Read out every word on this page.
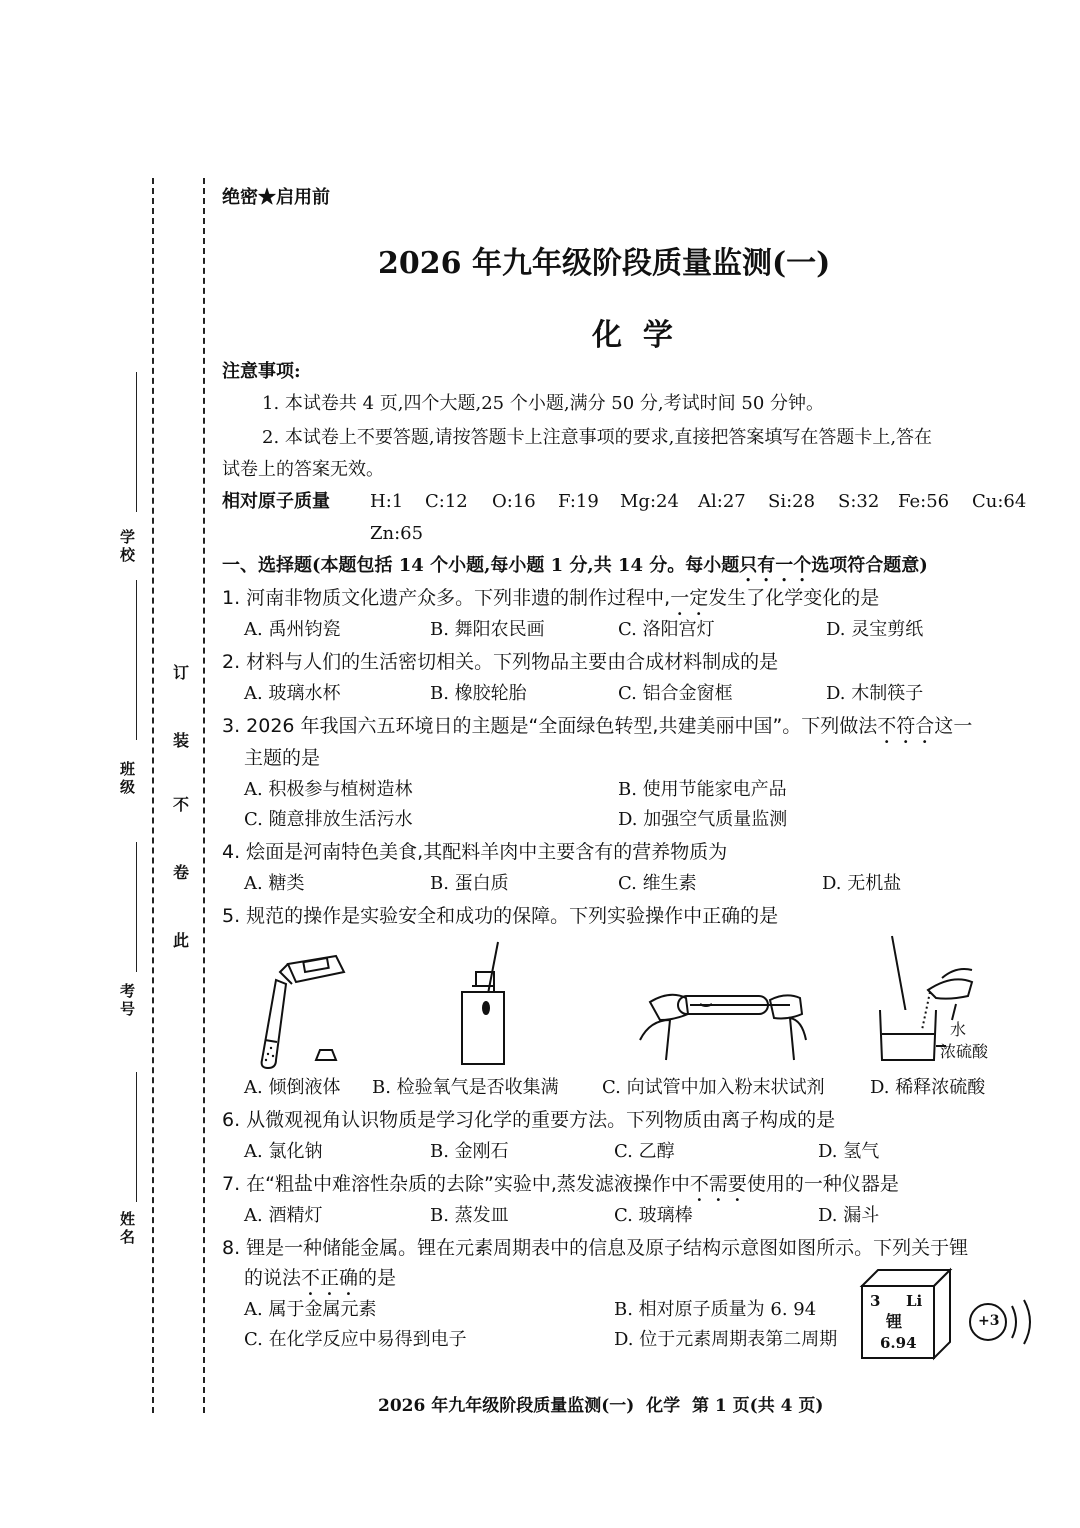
学校
班级
考号
姓名
订
装
不
卷
此
绝密★启用前
2026 年九年级阶段质量监测(一)
化  学
注意事项:
1. 本试卷共 4 页,四个大题,25 个小题,满分 50 分,考试时间 50 分钟。
2. 本试卷上不要答题,请按答题卡上注意事项的要求,直接把答案填写在答题卡上,答在
试卷上的答案无效。
相对原子质量 H:1 C:12 O:16 F:19 Mg:24 Al:27 Si:28 S:32 Fe:56 Cu:64
Zn:65
一、选择题(本题包括 14 个小题,每小题 1 分,共 14 分。每小题只有一个选项符合题意)
1. 河南非物质文化遗产众多。下列非遗的制作过程中,一定发生了化学变化的是
A. 禹州钧瓷	B. 舞阳农民画	C. 洛阳宫灯	D. 灵宝剪纸
2. 材料与人们的生活密切相关。下列物品主要由合成材料制成的是
A. 玻璃水杯	B. 橡胶轮胎	C. 铝合金窗框	D. 木制筷子
3. 2026 年我国六五环境日的主题是“全面绿色转型,共建美丽中国”。下列做法不符合这一
主题的是
A. 积极参与植树造林	B. 使用节能家电产品
C. 随意排放生活污水	D. 加强空气质量监测
4. 烩面是河南特色美食,其配料羊肉中主要含有的营养物质为
A. 糖类	B. 蛋白质	C. 维生素	D. 无机盐
5. 规范的操作是实验安全和成功的保障。下列实验操作中正确的是
水
浓硫酸
A. 倾倒液体 B. 检验氧气是否收集满 C. 向试管中加入粉末状试剂	D. 稀释浓硫酸
6. 从微观视角认识物质是学习化学的重要方法。下列物质由离子构成的是
A. 氯化钠	B. 金刚石	C. 乙醇	D. 氢气
7. 在“粗盐中难溶性杂质的去除”实验中,蒸发滤液操作中不需要使用的一种仪器是
A. 酒精灯	B. 蒸发皿	C. 玻璃棒	D. 漏斗
8. 锂是一种储能金属。锂在元素周期表中的信息及原子结构示意图如图所示。下列关于锂
的说法不正确的是
A. 属于金属元素	B. 相对原子质量为 6. 94
C. 在化学反应中易得到电子	D. 位于元素周期表第二周期
3 Li
锂
6.94
+3
2026 年九年级阶段质量监测(一)  化学  第 1 页(共 4 页)
